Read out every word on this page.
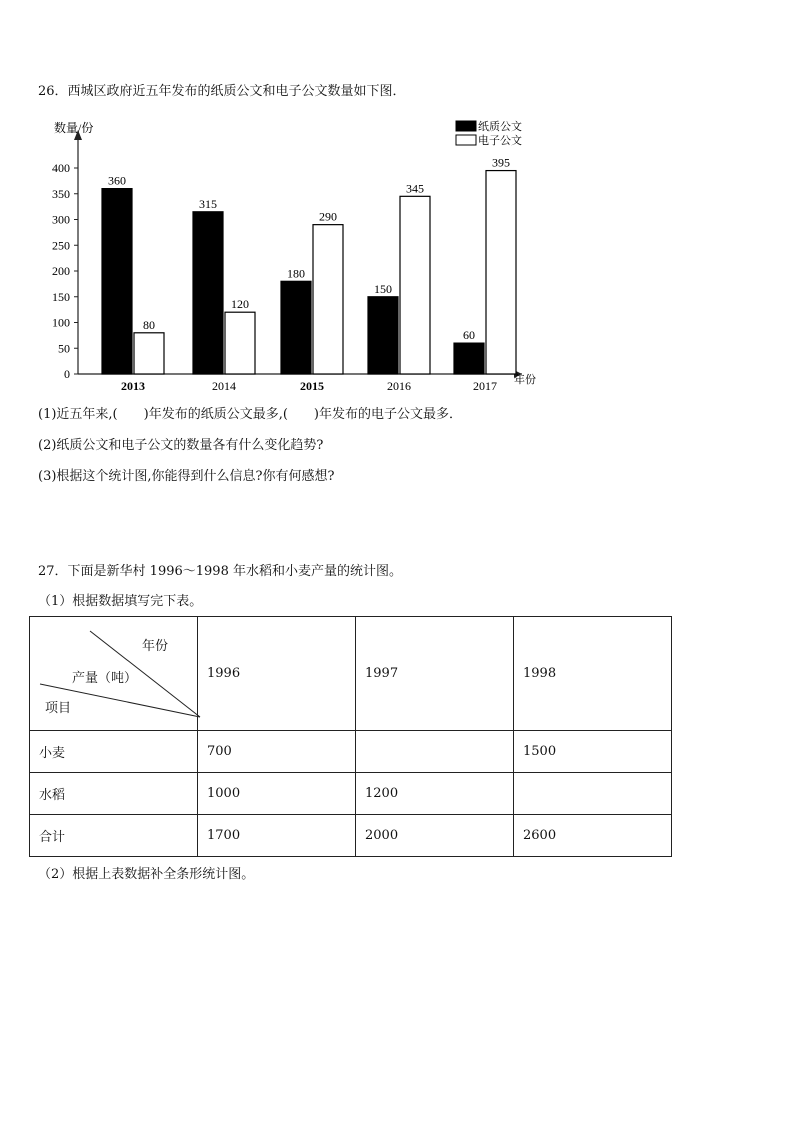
26．西城区政府近五年发布的纸质公文和电子公文数量如下图．
0
50
100
150
200
250
300
350
400
360
80
315
120
180
290
150
345
60
395
2013	2014	2015	2016	2017
数量/份
年份
纸质公文
电子公文
(1)近五年来,(　　)年发布的纸质公文最多,(　　)年发布的电子公文最多．
(2)纸质公文和电子公文的数量各有什么变化趋势?
(3)根据这个统计图,你能得到什么信息?你有何感想?
27．下面是新华村 1996～1998 年水稻和小麦产量的统计图。
（1）根据数据填写完下表。
年份
产量（吨）
项目	1996	1997	1998
小麦	700		1500
水稻	1000	1200	
合计	1700	2000	2600
（2）根据上表数据补全条形统计图。
